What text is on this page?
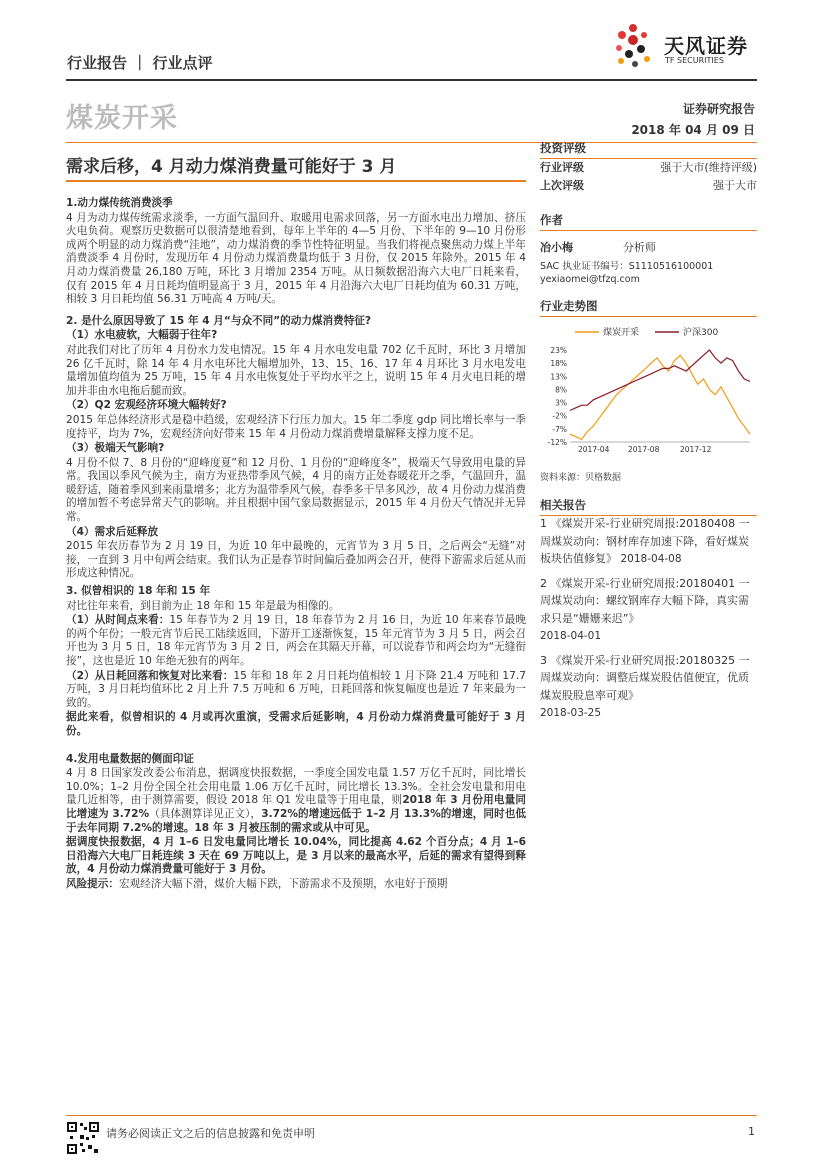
行业报告 ｜ 行业点评
天风证券
TF SECURITIES
煤炭开采	证券研究报告
2018 年 04 月 09 日
需求后移，4 月动力煤消费量可能好于 3 月

1.动力煤传统消费淡季

4 月为动力煤传统需求淡季，一方面气温回升、取暖用电需求回落，另一方面水电出力增加、挤压火电负荷。观察历史数据可以很清楚地看到，每年上半年的 4—5 月份、下半年的 9—10 月份形成两个明显的动力煤消费“洼地”，动力煤消费的季节性特征明显。当我们将视点聚焦动力煤上半年消费淡季 4 月份时，发现历年 4 月份动力煤消费量均低于 3 月份，仅 2015 年除外。2015 年 4 月动力煤消费量 26,180 万吨，环比 3 月增加 2354 万吨。从日频数据沿海六大电厂日耗来看，仅有 2015 年 4 月日耗均值明显高于 3 月，2015 年 4 月沿海六大电厂日耗均值为 60.31 万吨，相较 3 月日耗均值 56.31 万吨高 4 万吨/天。

2. 是什么原因导致了 15 年 4 月“与众不同”的动力煤消费特征?

（1）水电疲软，大幅弱于往年?

对此我们对比了历年 4 月份水力发电情况。15 年 4 月水电发电量 702 亿千瓦时，环比 3 月增加 26 亿千瓦时，除 14 年 4 月水电环比大幅增加外，13、15、16、17 年 4 月环比 3 月水电发电量增加值均值为 25 万吨，15 年 4 月水电恢复处于平均水平之上，说明 15 年 4 月火电日耗的增加并非由水电拖后腿而致。

（2）Q2 宏观经济环境大幅转好?

2015 年总体经济形式是稳中趋缓，宏观经济下行压力加大。15 年二季度 gdp 同比增长率与一季度持平，均为 7%，宏观经济向好带来 15 年 4 月份动力煤消费增量解释支撑力度不足。

（3）极端天气影响?

4 月份不似 7、8 月份的“迎峰度夏”和 12 月份、1 月份的“迎峰度冬”，极端天气导致用电量的异常。我国以季风气候为主，南方为亚热带季风气候，4 月的南方正处春暖花开之季，气温回升，温暖舒适，随着季风到来雨量增多；北方为温带季风气候，春季多干旱多风沙，故 4 月份动力煤消费的增加暂不考虑异常天气的影响。并且根据中国气象局数据显示，2015 年 4 月份天气情况并无异常。

（4）需求后延释放

2015 年农历春节为 2 月 19 日，为近 10 年中最晚的，元宵节为 3 月 5 日，之后两会“无缝”对接，一直到 3 月中旬两会结束。我们认为正是春节时间偏后叠加两会召开，使得下游需求后延从而形成这种情况。

3. 似曾相识的 18 年和 15 年

对比往年来看，到目前为止 18 年和 15 年是最为相像的。

（1）从时间点来看：15 年春节为 2 月 19 日，18 年春节为 2 月 16 日，为近 10 年来春节最晚的两个年份；一般元宵节后民工陆续返回，下游开工逐渐恢复，15 年元宵节为 3 月 5 日，两会召开也为 3 月 5 日，18 年元宵节为 3 月 2 日，两会在其隔天开幕，可以说春节和两会均为“无缝衔接”，这也是近 10 年绝无独有的两年。

（2）从日耗回落和恢复对比来看：15 年和 18 年 2 月日耗均值相较 1 月下降 21.4 万吨和 17.7 万吨，3 月日耗均值环比 2 月上升 7.5 万吨和 6 万吨，日耗回落和恢复幅度也是近 7 年来最为一致的。

据此来看，似曾相识的 4 月或再次重演，受需求后延影响，4 月份动力煤消费量可能好于 3 月份。

4.发用电量数据的侧面印证

4 月 8 日国家发改委公布消息，据调度快报数据，一季度全国发电量 1.57 万亿千瓦时，同比增长 10.0%；1–2 月份全国全社会用电量 1.06 万亿千瓦时，同比增长 13.3%。全社会发电量和用电量几近相等，由于测算需要，假设 2018 年 Q1 发电量等于用电量，则2018 年 3 月份用电量同比增速为 3.72%（具体测算详见正文），3.72%的增速远低于 1–2 月 13.3%的增速，同时也低于去年同期 7.2%的增速。18 年 3 月被压制的需求或从中可见。

据调度快报数据，4 月 1–6 日发电量同比增长 10.04%，同比提高 4.62 个百分点；4 月 1–6 日沿海六大电厂日耗连续 3 天在 69 万吨以上，是 3 月以来的最高水平，后延的需求有望得到释放，4 月份动力煤消费量可能好于 3 月份。

风险提示：宏观经济大幅下滑，煤价大幅下跌，下游需求不及预期，水电好于预期

投资评级
行业评级	强于大市(维持评级)
上次评级	强于大市
作者
冶小梅	分析师
SAC 执业证书编号：S1110516100001
yexiaomei@tfzq.com
行业走势图
煤炭开采	沪深300
23%
18%
13%
8%
3%
-2%
-7%
-12%
2017-04 2017-08	2017-12
资料来源：贝格数据
相关报告

1 《煤炭开采-行业研究周报:20180408 一周煤炭动向：钢材库存加速下降，看好煤炭板块估值修复》 2018-04-08

2 《煤炭开采-行业研究周报:20180401 一周煤炭动向：螺纹钢库存大幅下降，真实需求只是“姗姗来迟”》
2018-04-01

3 《煤炭开采-行业研究周报:20180325 一周煤炭动向：调整后煤炭股估值便宜，优质煤炭股股息率可观》
2018-03-25

请务必阅读正文之后的信息披露和免责申明	1
